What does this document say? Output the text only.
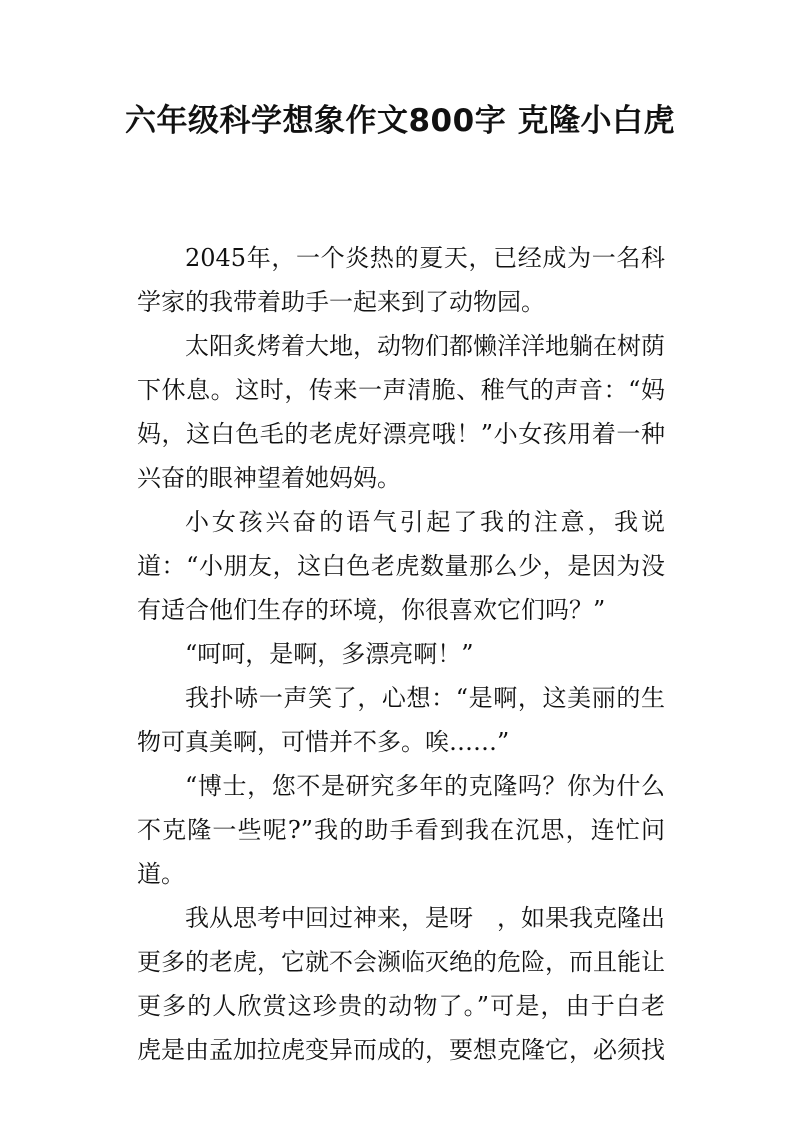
六年级科学想象作文800字 克隆小白虎

2045年，一个炎热的夏天，已经成为一名科学家的我带着助手一起来到了动物园。

太阳炙烤着大地，动物们都懒洋洋地躺在树荫下休息。这时，传来一声清脆、稚气的声音：“妈妈，这白色毛的老虎好漂亮哦！”小女孩用着一种兴奋的眼神望着她妈妈。

小女孩兴奋的语气引起了我的注意，我说道：“小朋友，这白色老虎数量那么少，是因为没有适合他们生存的环境，你很喜欢它们吗？”

“呵呵，是啊，多漂亮啊！”

我扑哧一声笑了，心想：“是啊，这美丽的生物可真美啊，可惜并不多。唉……”

“博士，您不是研究多年的克隆吗？你为什么不克隆一些呢?”我的助手看到我在沉思，连忙问道。

我从思考中回过神来，是呀　，如果我克隆出更多的老虎，它就不会濒临灭绝的危险，而且能让更多的人欣赏这珍贵的动物了。”可是，由于白老虎是由孟加拉虎变异而成的，要想克隆它，必须找
